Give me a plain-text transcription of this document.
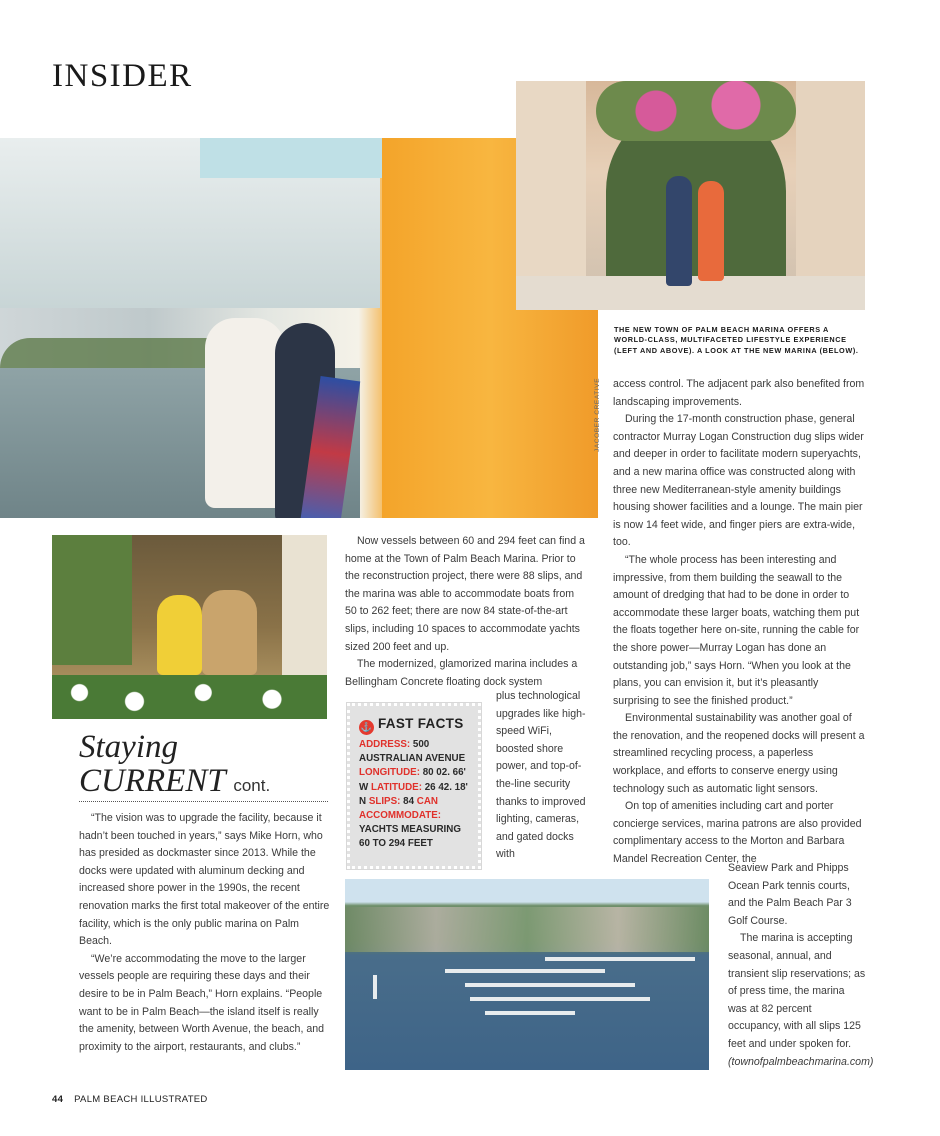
INSIDER
JACOBER CREATIVE
THE NEW TOWN OF PALM BEACH MARINA OFFERS A WORLD-CLASS, MULTIFACETED LIFESTYLE EXPERIENCE (LEFT AND ABOVE). A LOOK AT THE NEW MARINA (BELOW).
Staying
CURRENT cont.

“The vision was to upgrade the facility, because it hadn’t been touched in years,” says Mike Horn, who has presided as dockmaster since 2013. While the docks were updated with aluminum decking and increased shore power in the 1990s, the recent renovation marks the first total makeover of the entire facility, which is the only public marina on Palm Beach.

“We’re accommodating the move to the larger vessels people are requiring these days and their desire to be in Palm Beach,” Horn explains. “People want to be in Palm Beach—the island itself is really the amenity, between Worth Avenue, the beach, and proximity to the airport, restaurants, and clubs.”

Now vessels between 60 and 294 feet can find a home at the Town of Palm Beach Marina. Prior to the reconstruction project, there were 88 slips, and the marina was able to accommodate boats from 50 to 262 feet; there are now 84 state-of-the-art slips, including 10 spaces to accommodate yachts sized 200 feet and up.

The modernized, glamorized marina includes a Bellingham Concrete floating dock system

plus technological upgrades like high-speed WiFi, boosted shore power, and top-of-the-line security thanks to improved lighting, cameras, and gated docks with

⚓ FAST FACTS
ADDRESS: 500 AUSTRALIAN AVENUE LONGITUDE: 80 02. 66' W LATITUDE: 26 42. 18' N SLIPS: 84 CAN ACCOMMODATE: YACHTS MEASURING 60 TO 294 FEET

access control. The adjacent park also benefited from landscaping improvements.

During the 17-month construction phase, general contractor Murray Logan Construction dug slips wider and deeper in order to facilitate modern superyachts, and a new marina office was constructed along with three new Mediterranean-style amenity buildings housing shower facilities and a lounge. The main pier is now 14 feet wide, and finger piers are extra-wide, too.

“The whole process has been interesting and impressive, from them building the seawall to the amount of dredging that had to be done in order to accommodate these larger boats, watching them put the floats together here on-site, running the cable for the shore power—Murray Logan has done an outstanding job,” says Horn. “When you look at the plans, you can envision it, but it’s pleasantly surprising to see the finished product.”

Environmental sustainability was another goal of the renovation, and the reopened docks will present a streamlined recycling process, a paperless workplace, and efforts to conserve energy using technology such as automatic light sensors.

On top of amenities including cart and porter concierge services, marina patrons are also provided complimentary access to the Morton and Barbara Mandel Recreation Center, the

Seaview Park and Phipps Ocean Park tennis courts, and the Palm Beach Par 3 Golf Course.

The marina is accepting seasonal, annual, and transient slip reservations; as of press time, the marina was at 82 percent occupancy, with all slips 125 feet and under spoken for. (townofpalmbeachmarina.com)

44 PALM BEACH ILLUSTRATED
